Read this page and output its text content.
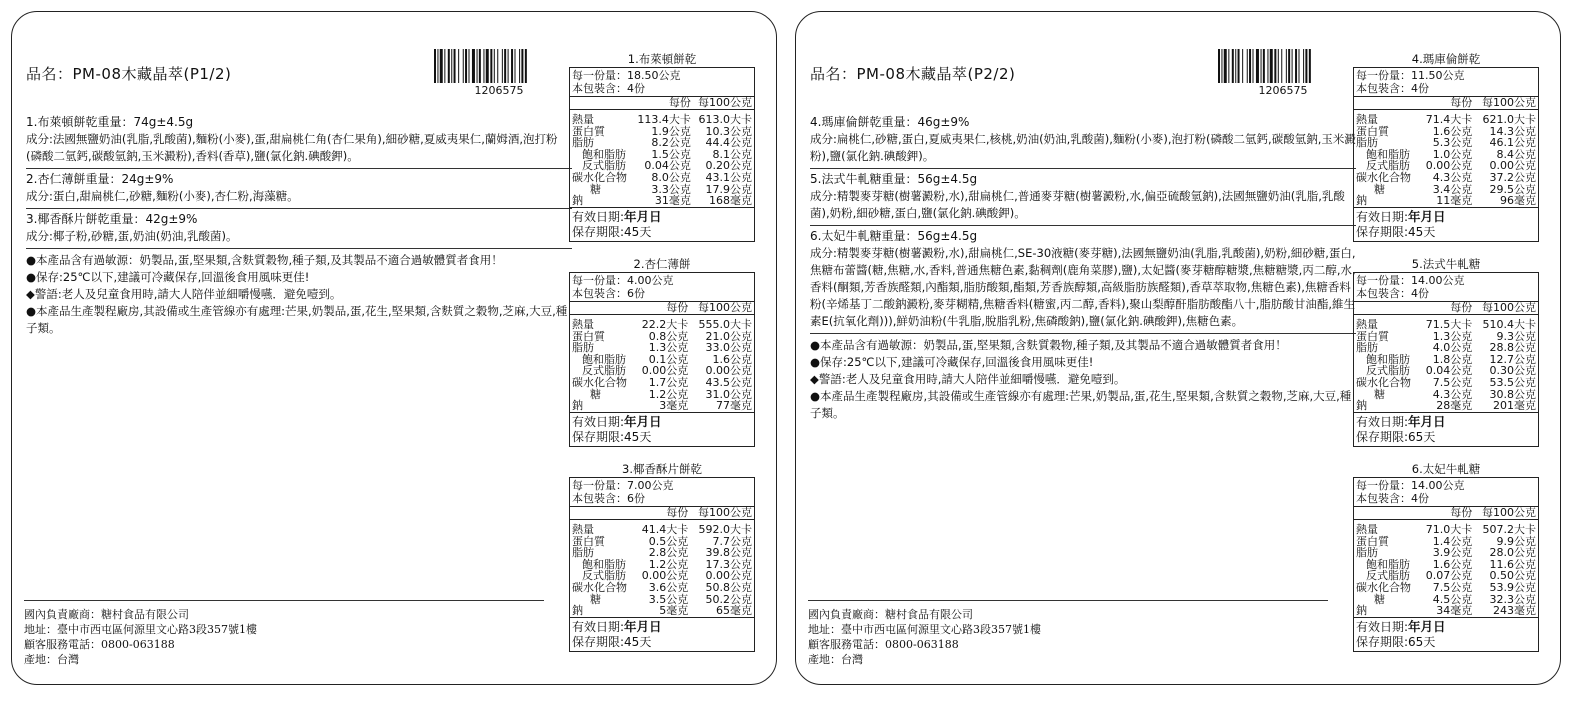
品名：PM-08木藏晶萃(P1/2)
1206575
1.布萊頓餅乾重量：74g±4.5g
成分:法國無鹽奶油(乳脂,乳酸菌),麵粉(小麥),蛋,甜扁桃仁角(杏仁果角),細砂糖,夏威夷果仁,蘭姆酒,泡打粉(磷酸二氫鈣,碳酸氫鈉,玉米澱粉),香料(香草),鹽(氯化鈉.碘酸鉀)。
2.杏仁薄餅重量：24g±9%
成分:蛋白,甜扁桃仁,砂糖,麵粉(小麥),杏仁粉,海藻糖。
3.椰香酥片餅乾重量：42g±9%
成分:椰子粉,砂糖,蛋,奶油(奶油,乳酸菌)。
●本產品含有過敏源：奶製品,蛋,堅果類,含麩質穀物,種子類,及其製品不適合過敏體質者食用！
●保存:25℃以下,建議可冷藏保存,回溫後食用風味更佳!
◆警語:老人及兒童食用時,請大人陪伴並細嚼慢嚥．避免噎到。
●本產品生產製程廠房,其設備或生產管線亦有處理:芒果,奶製品,蛋,花生,堅果類,含麩質之穀物,芝麻,大豆,種子類。
國內負責廠商：糖村食品有限公司
地址：臺中市西屯區何源里文心路3段357號1樓
顧客服務電話：0800-063188
產地：台灣
1.布萊頓餅乾
每一份量：18.50公克
本包裝含：4份
	每份	每100公克

熱量	113.4大卡	613.0大卡
蛋白質	1.9公克	10.3公克
脂肪	8.2公克	44.4公克
飽和脂肪	1.5公克	8.1公克
反式脂肪	0.04公克	0.20公克
碳水化合物	8.0公克	43.1公克
糖	3.3公克	17.9公克
鈉	31毫克	168毫克
有效日期:年月日
保存期限:45天
2.杏仁薄餅
每一份量：4.00公克
本包裝含：6份
	每份	每100公克

熱量	22.2大卡	555.0大卡
蛋白質	0.8公克	21.0公克
脂肪	1.3公克	33.0公克
飽和脂肪	0.1公克	1.6公克
反式脂肪	0.00公克	0.00公克
碳水化合物	1.7公克	43.5公克
糖	1.2公克	31.0公克
鈉	3毫克	77毫克
有效日期:年月日
保存期限:45天
3.椰香酥片餅乾
每一份量：7.00公克
本包裝含：6份
	每份	每100公克

熱量	41.4大卡	592.0大卡
蛋白質	0.5公克	7.7公克
脂肪	2.8公克	39.8公克
飽和脂肪	1.2公克	17.3公克
反式脂肪	0.00公克	0.00公克
碳水化合物	3.6公克	50.8公克
糖	3.5公克	50.2公克
鈉	5毫克	65毫克
有效日期:年月日
保存期限:45天
品名：PM-08木藏晶萃(P2/2)
1206575
4.瑪庫倫餅乾重量：46g±9%
成分:扁桃仁,砂糖,蛋白,夏威夷果仁,核桃,奶油(奶油,乳酸菌),麵粉(小麥),泡打粉(磷酸二氫鈣,碳酸氫鈉,玉米澱粉),鹽(氯化鈉.碘酸鉀)。
5.法式牛軋糖重量：56g±4.5g
成分:精製麥芽糖(樹薯澱粉,水),甜扁桃仁,普通麥芽糖(樹薯澱粉,水,偏亞硫酸氫鈉),法國無鹽奶油(乳脂,乳酸菌),奶粉,細砂糖,蛋白,鹽(氯化鈉.碘酸鉀)。
6.太妃牛軋糖重量：56g±4.5g
成分:精製麥芽糖(樹薯澱粉,水),甜扁桃仁,SE-30液糖(麥芽糖),法國無鹽奶油(乳脂,乳酸菌),奶粉,細砂糖,蛋白,焦糖布蕾醬(糖,焦糖,水,香料,普通焦糖色素,黏稠劑(鹿角菜膠),鹽),太妃醬(麥芽糖醇糖漿,焦糖糖漿,丙二醇,水,香料(酮類,芳香族醛類,內酯類,脂肪酸類,酯類,芳香族醇類,高級脂肪族醛類),香草萃取物,焦糖色素),焦糖香料粉(辛烯基丁二酸鈉澱粉,麥芽糊精,焦糖香料(糖蜜,丙二醇,香料),聚山梨醇酐脂肪酸酯八十,脂肪酸甘油酯,維生素E(抗氧化劑))),鮮奶油粉(牛乳脂,脫脂乳粉,焦磷酸鈉),鹽(氯化鈉.碘酸鉀),焦糖色素。
●本產品含有過敏源：奶製品,蛋,堅果類,含麩質穀物,種子類,及其製品不適合過敏體質者食用！
●保存:25℃以下,建議可冷藏保存,回溫後食用風味更佳!
◆警語:老人及兒童食用時,請大人陪伴並細嚼慢嚥．避免噎到。
●本產品生產製程廠房,其設備或生產管線亦有處理:芒果,奶製品,蛋,花生,堅果類,含麩質之穀物,芝麻,大豆,種子類。
國內負責廠商：糖村食品有限公司
地址：臺中市西屯區何源里文心路3段357號1樓
顧客服務電話：0800-063188
產地：台灣
4.瑪庫倫餅乾
每一份量：11.50公克
本包裝含：4份
	每份	每100公克

熱量	71.4大卡	621.0大卡
蛋白質	1.6公克	14.3公克
脂肪	5.3公克	46.1公克
飽和脂肪	1.0公克	8.4公克
反式脂肪	0.00公克	0.00公克
碳水化合物	4.3公克	37.2公克
糖	3.4公克	29.5公克
鈉	11毫克	96毫克
有效日期:年月日
保存期限:45天
5.法式牛軋糖
每一份量：14.00公克
本包裝含：4份
	每份	每100公克

熱量	71.5大卡	510.4大卡
蛋白質	1.3公克	9.3公克
脂肪	4.0公克	28.8公克
飽和脂肪	1.8公克	12.7公克
反式脂肪	0.04公克	0.30公克
碳水化合物	7.5公克	53.5公克
糖	4.3公克	30.8公克
鈉	28毫克	201毫克
有效日期:年月日
保存期限:65天
6.太妃牛軋糖
每一份量：14.00公克
本包裝含：4份
	每份	每100公克

熱量	71.0大卡	507.2大卡
蛋白質	1.4公克	9.9公克
脂肪	3.9公克	28.0公克
飽和脂肪	1.6公克	11.6公克
反式脂肪	0.07公克	0.50公克
碳水化合物	7.5公克	53.9公克
糖	4.5公克	32.3公克
鈉	34毫克	243毫克
有效日期:年月日
保存期限:65天
